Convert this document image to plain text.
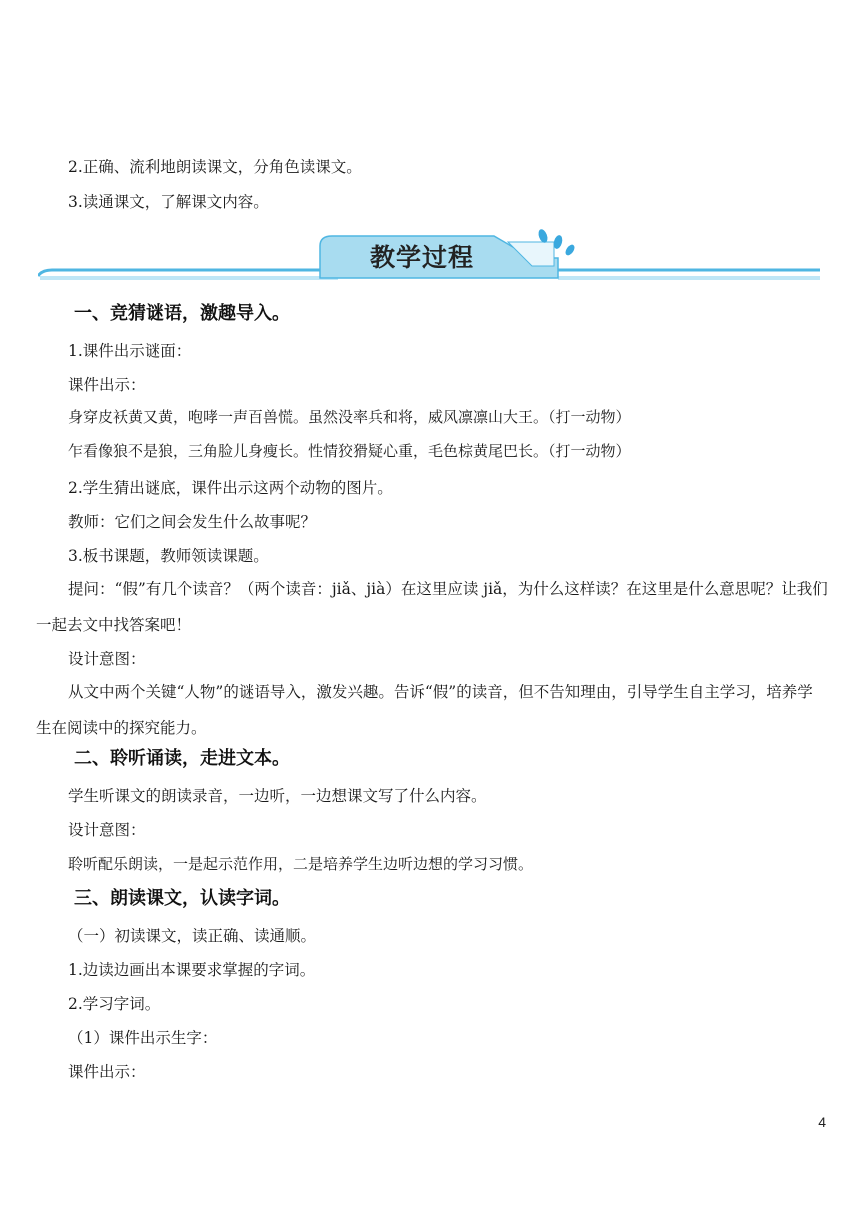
2.正确、流利地朗读课文，分角色读课文。
3.读通课文，了解课文内容。
教学过程
一、竞猜谜语，激趣导入。
1.课件出示谜面：
课件出示：
身穿皮袄黄又黄，咆哮一声百兽慌。虽然没率兵和将，威风凛凛山大王。（打一动物）
乍看像狼不是狼，三角脸儿身瘦长。性情狡猾疑心重，毛色棕黄尾巴长。（打一动物）
2.学生猜出谜底，课件出示这两个动物的图片。
教师：它们之间会发生什么故事呢？
3.板书课题，教师领读课题。
提问：“假”有几个读音？（两个读音：jiǎ、jià）在这里应读 jiǎ，为什么这样读？在这里是什么意思呢？让我们一起去文中找答案吧！
设计意图：
从文中两个关键“人物”的谜语导入，激发兴趣。告诉“假”的读音，但不告知理由，引导学生自主学习，培养学生在阅读中的探究能力。
二、聆听诵读，走进文本。
学生听课文的朗读录音，一边听，一边想课文写了什么内容。
设计意图：
聆听配乐朗读，一是起示范作用，二是培养学生边听边想的学习习惯。
三、朗读课文，认读字词。
（一）初读课文，读正确、读通顺。
1.边读边画出本课要求掌握的字词。
2.学习字词。
（1）课件出示生字：
课件出示：
4
